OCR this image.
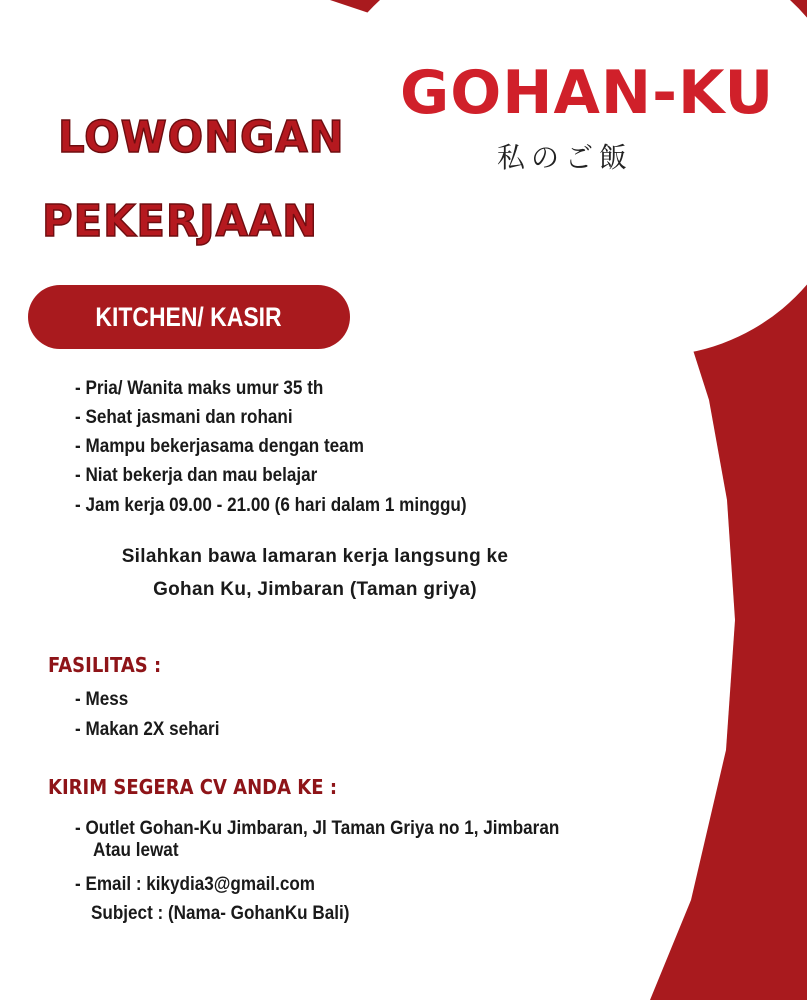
GOHAN-KU
私のご飯
LOWONGAN
PEKERJAAN
KITCHEN/ KASIR
- Pria/ Wanita maks umur 35 th
- Sehat jasmani dan rohani
- Mampu bekerjasama dengan team
- Niat bekerja dan mau belajar
- Jam kerja 09.00 - 21.00 (6 hari dalam 1 minggu)
Silahkan bawa lamaran kerja langsung ke
Gohan Ku, Jimbaran (Taman griya)
FASILITAS :
- Mess
- Makan 2X sehari
KIRIM SEGERA CV ANDA KE :
- Outlet Gohan-Ku Jimbaran, Jl Taman Griya no 1, Jimbaran
Atau lewat
- Email : kikydia3@gmail.com
Subject : (Nama- GohanKu Bali)
